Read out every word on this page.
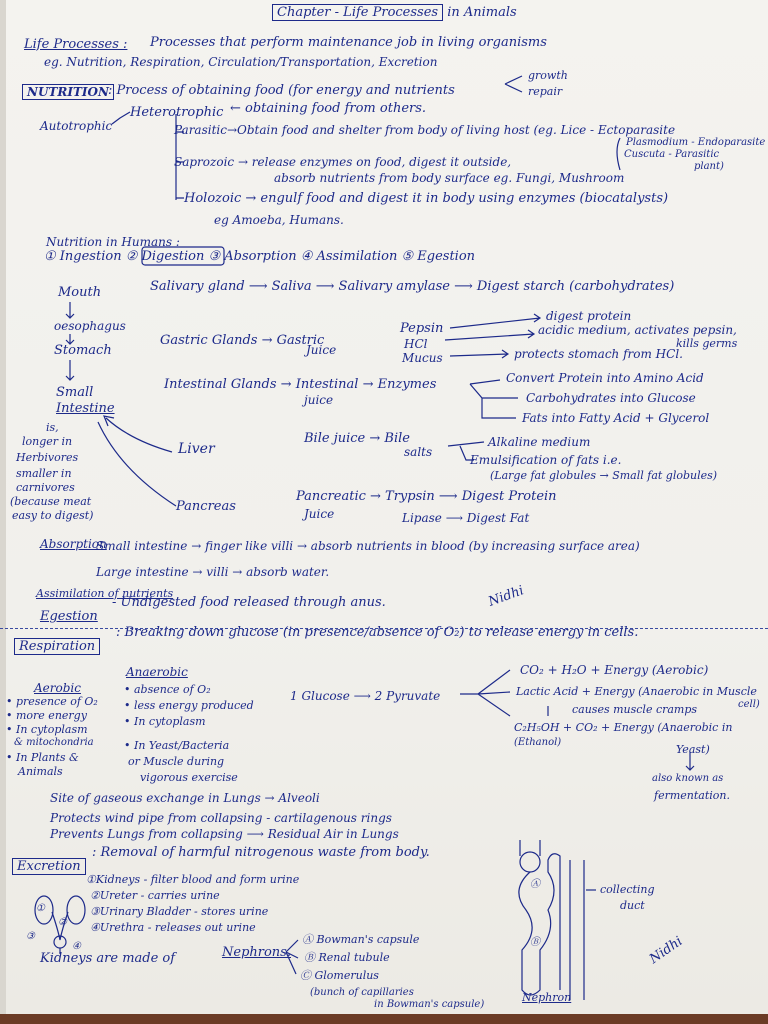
Chapter - Life Processes in Animals
Life Processes : Processes that perform maintenance job in living organisms
eg. Nutrition, Respiration, Circulation/Transportation, Excretion
NUTRITION : Process of obtaining food (for energy and nutrients
growth
repair
Autotrophic
Heterotrophic ← obtaining food from others.
Parasitic→Obtain food and shelter from body of living host (eg. Lice - Ectoparasite
Plasmodium - Endoparasite
Cuscuta - Parasitic
plant)
Saprozoic → release enzymes on food, digest it outside,
absorb nutrients from body surface eg. Fungi, Mushroom
Holozoic → engulf food and digest it in body using enzymes (biocatalysts)
eg Amoeba, Humans.
Nutrition in Humans :
① Ingestion ② Digestion ③ Absorption ④ Assimilation ⑤ Egestion
Mouth	Salivary gland ⟶ Saliva ⟶ Salivary amylase ⟶ Digest starch (carbohydrates)
oesophagus
Stomach
Gastric Glands → Gastric
Juice
Pepsin
HCl
Mucus
digest protein
acidic medium, activates pepsin,
kills germs
protects stomach from HCl.
Small
Intestine
Intestinal Glands → Intestinal → Enzymes
juice
Convert Protein into Amino Acid
Carbohydrates into Glucose
Fats into Fatty Acid + Glycerol
is,
longer in
Herbivores
smaller in
carnivores
(because meat
easy to digest)
Liver
Bile juice → Bile
salts
Alkaline medium
Emulsification of fats i.e.
(Large fat globules → Small fat globules)
Pancreas
Pancreatic → Trypsin ⟶ Digest Protein
Juice	Lipase ⟶ Digest Fat
Absorption
Small intestine → finger like villi → absorb nutrients in blood (by increasing surface area)
Large intestine → villi → absorb water.
Assimilation of nutrients
Egestion
- Undigested food released through anus.	Nidhi
Respiration
: Breaking down glucose (in presence/absence of O₂) to release energy in cells.
Aerobic
• presence of O₂
• more energy
• In cytoplasm
& mitochondria
• In Plants &
Animals
Anaerobic
• absence of O₂
• less energy produced
• In cytoplasm
• In Yeast/Bacteria
or Muscle during
vigorous exercise
1 Glucose ⟶ 2 Pyruvate
CO₂ + H₂O + Energy (Aerobic)
Lactic Acid + Energy (Anaerobic in Muscle
cell)
causes muscle cramps
C₂H₅OH + CO₂ + Energy (Anaerobic in
(Ethanol)
Yeast)
also known as
fermentation.
Site of gaseous exchange in Lungs → Alveoli
Protects wind pipe from collapsing - cartilagenous rings
Prevents Lungs from collapsing ⟶ Residual Air in Lungs
Excretion
: Removal of harmful nitrogenous waste from body.
①Kidneys - filter blood and form urine
②Ureter - carries urine
③Urinary Bladder - stores urine
④Urethra - releases out urine
Kidneys are made of	Nephrons.
Ⓐ Bowman's capsule
Ⓑ Renal tubule
Ⓒ Glomerulus
(bunch of capillaries
in Bowman's capsule)
collecting
duct
Nephron
Nidhi
①
②
③
④
Ⓐ
Ⓑ
